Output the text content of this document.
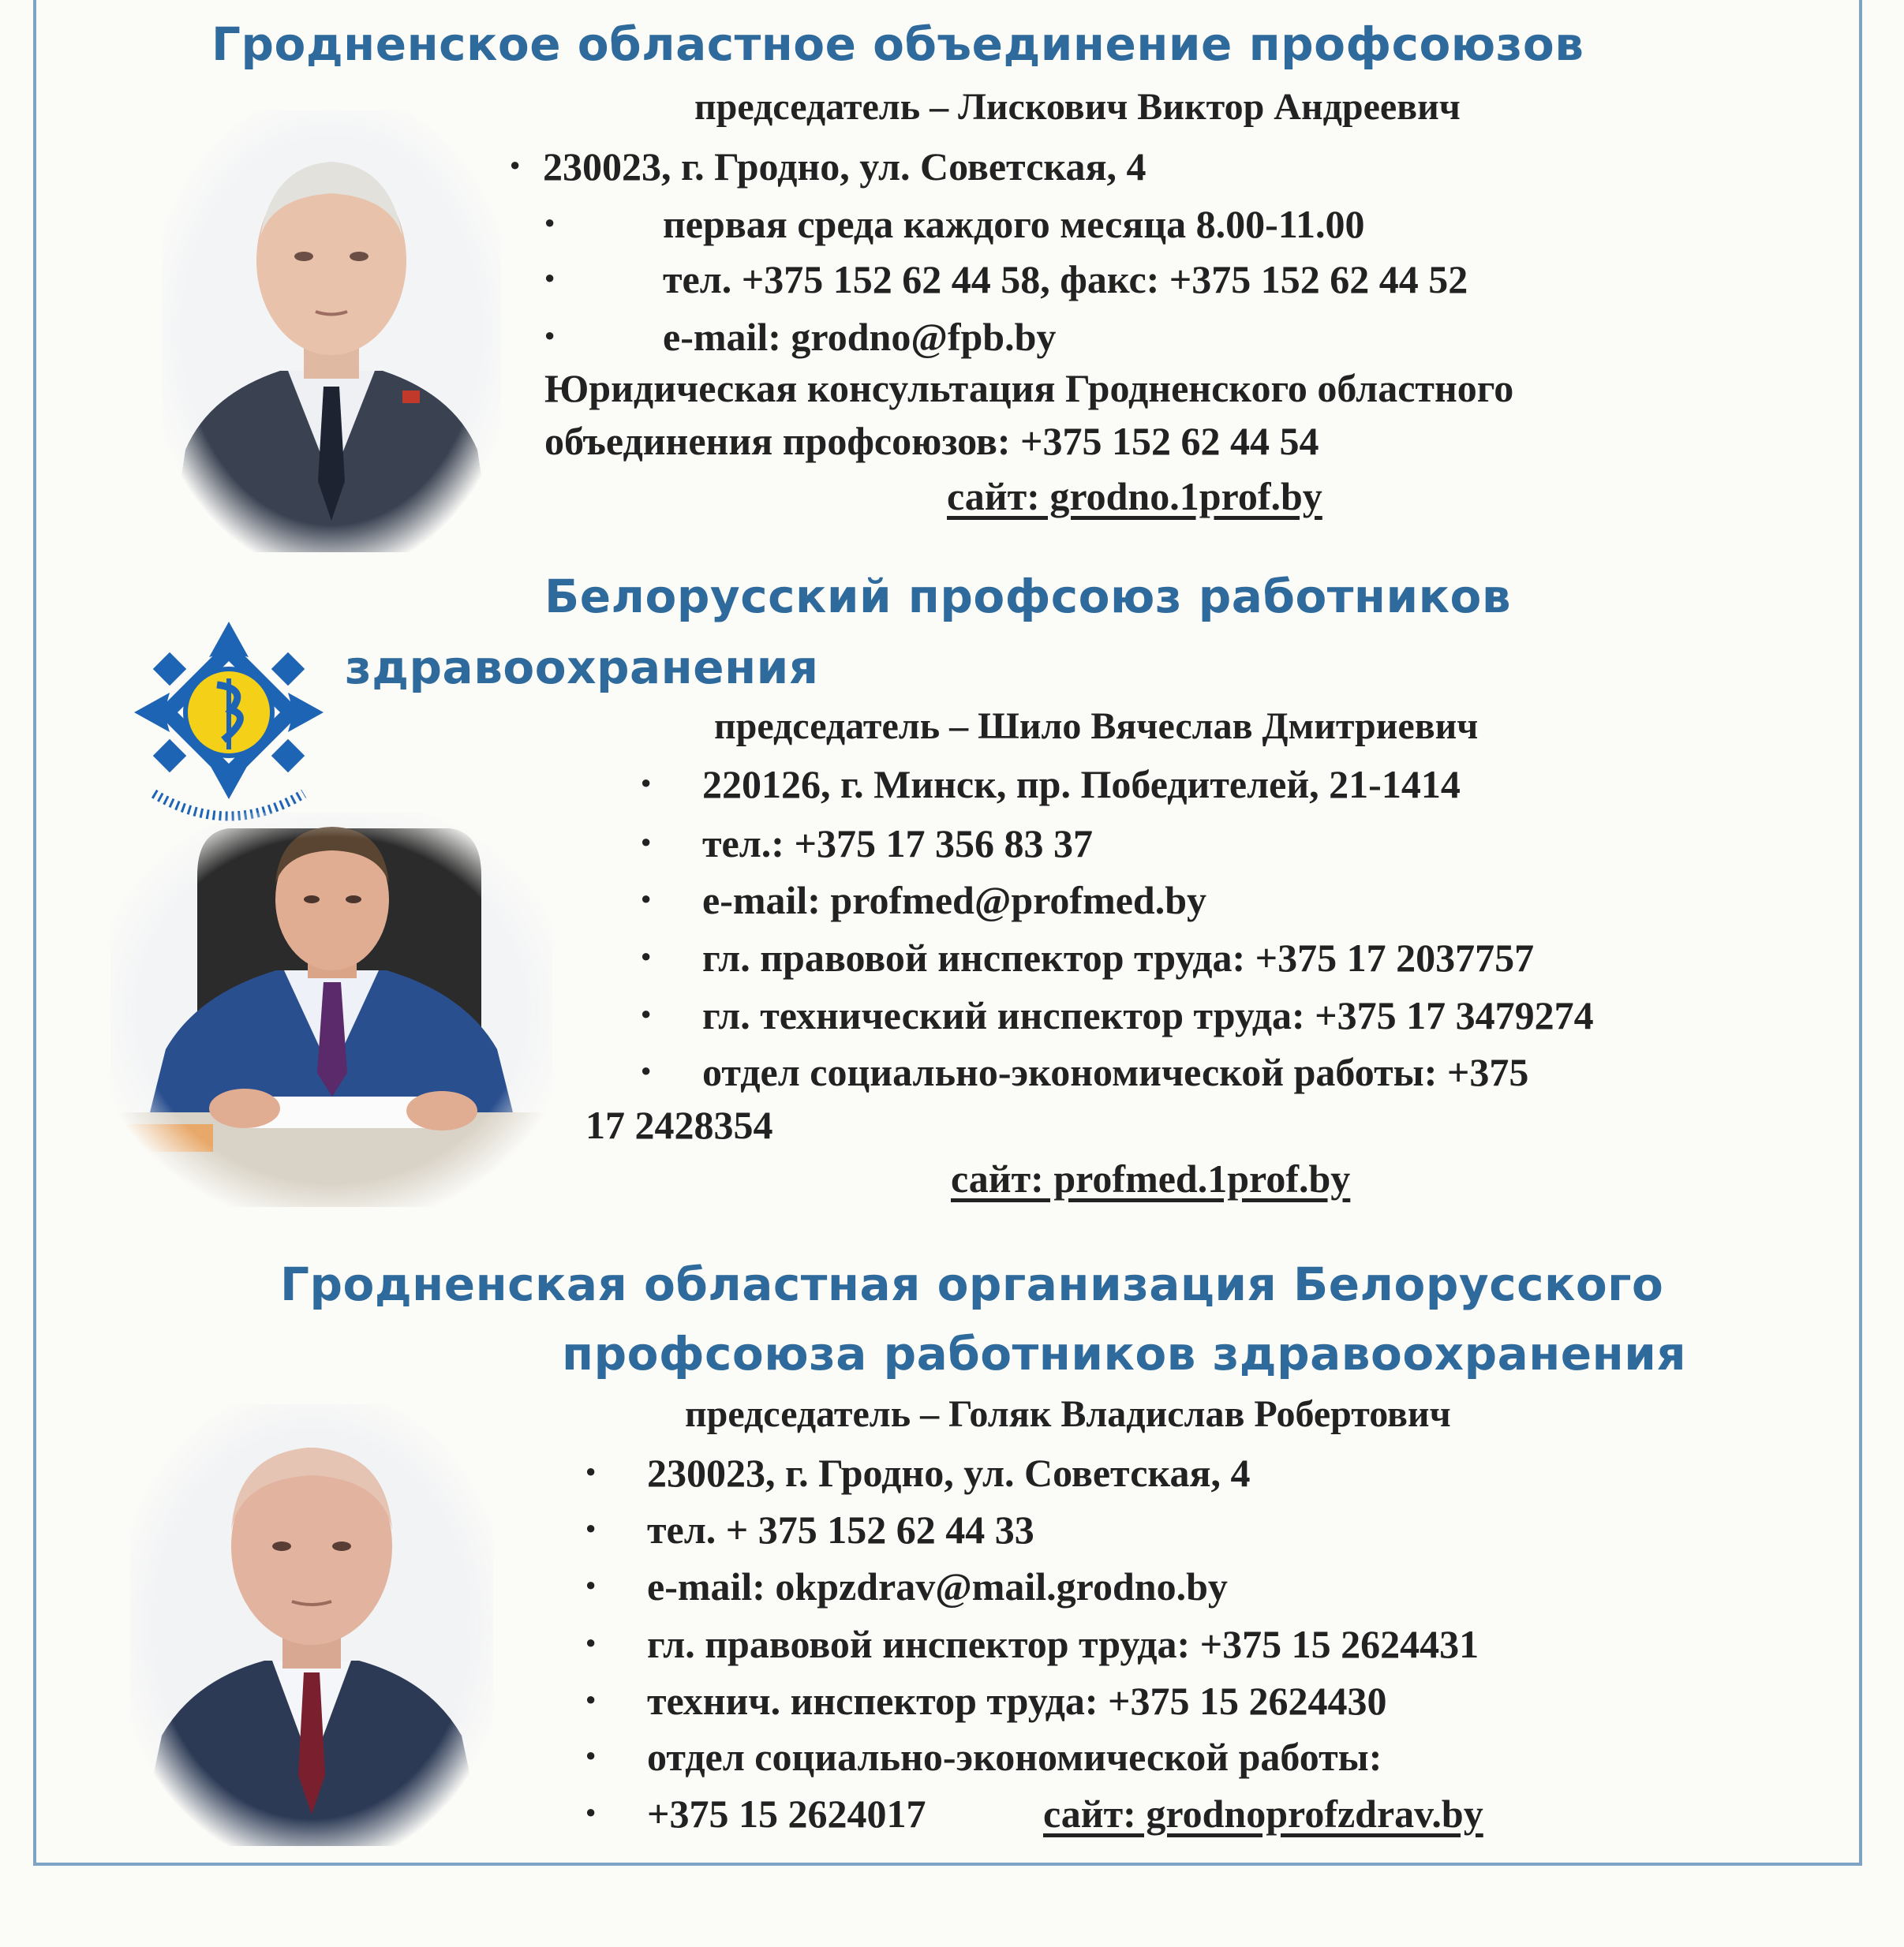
Гродненское областное объединение профсоюзов
председатель – Лискович Виктор Андреевич
● 230023, г. Гродно, ул. Советская, 4
● первая среда каждого месяца 8.00-11.00
● тел. +375 152 62 44 58, факс: +375 152 62 44 52
● e-mail: grodno@fpb.by
Юридическая консультация Гродненского областного
объединения профсоюзов: +375 152 62 44 54
сайт: grodno.1prof.by
Белорусский профсоюз работников
здравоохранения
председатель – Шило Вячеслав Дмитриевич
● 220126, г. Минск, пр. Победителей, 21-1414
● тел.: +375 17 356 83 37
● e-mail: profmed@profmed.by
● гл. правовой инспектор труда: +375 17 2037757
● гл. технический инспектор труда: +375 17 3479274
● отдел социально-экономической работы: +375
17 2428354
сайт: profmed.1prof.by
Гродненская областная организация Белорусского
профсоюза работников здравоохранения
председатель – Голяк Владислав Робертович
● 230023, г. Гродно, ул. Советская, 4
● тел. + 375 152 62 44 33
● e-mail: okpzdrav@mail.grodno.by
● гл. правовой инспектор труда: +375 15 2624431
● технич. инспектор труда: +375 15 2624430
● отдел социально-экономической работы:
● +375 15 2624017	сайт: grodnoprofzdrav.by
